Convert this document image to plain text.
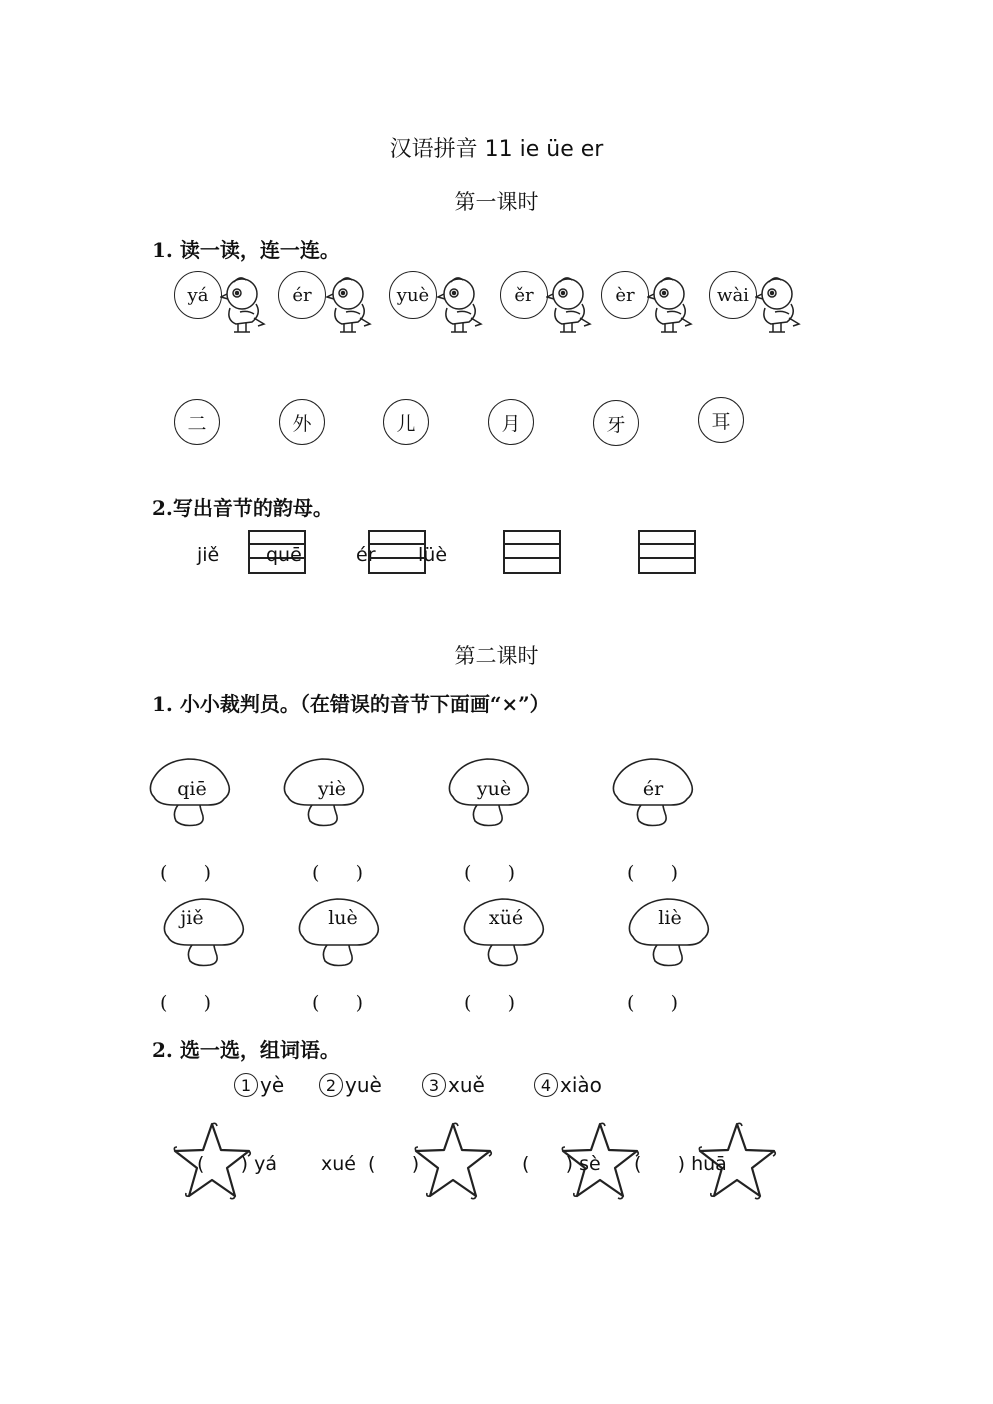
汉语拼音 11 ie üe er
第一课时
1. 读一读，连一连。
yá	ér	yuè	ěr	èr	wài
二	外	儿	月	牙	耳
2.写出音节的韵母。
jiě quē	ér lüè
第二课时
1. 小小裁判员。（在错误的音节下面画“×”）
qiē	yiè	yuè	ér
(      )	(      )	(      )	(      )
jiě	luè	xüé	liè
(      )	(      )	(      )	(      )
2. 选一选，组词语。
1 yè	2 yuè	3 xuě	4 xiào
(      ) yá xué  (      )	(      ) sè (      ) huā
